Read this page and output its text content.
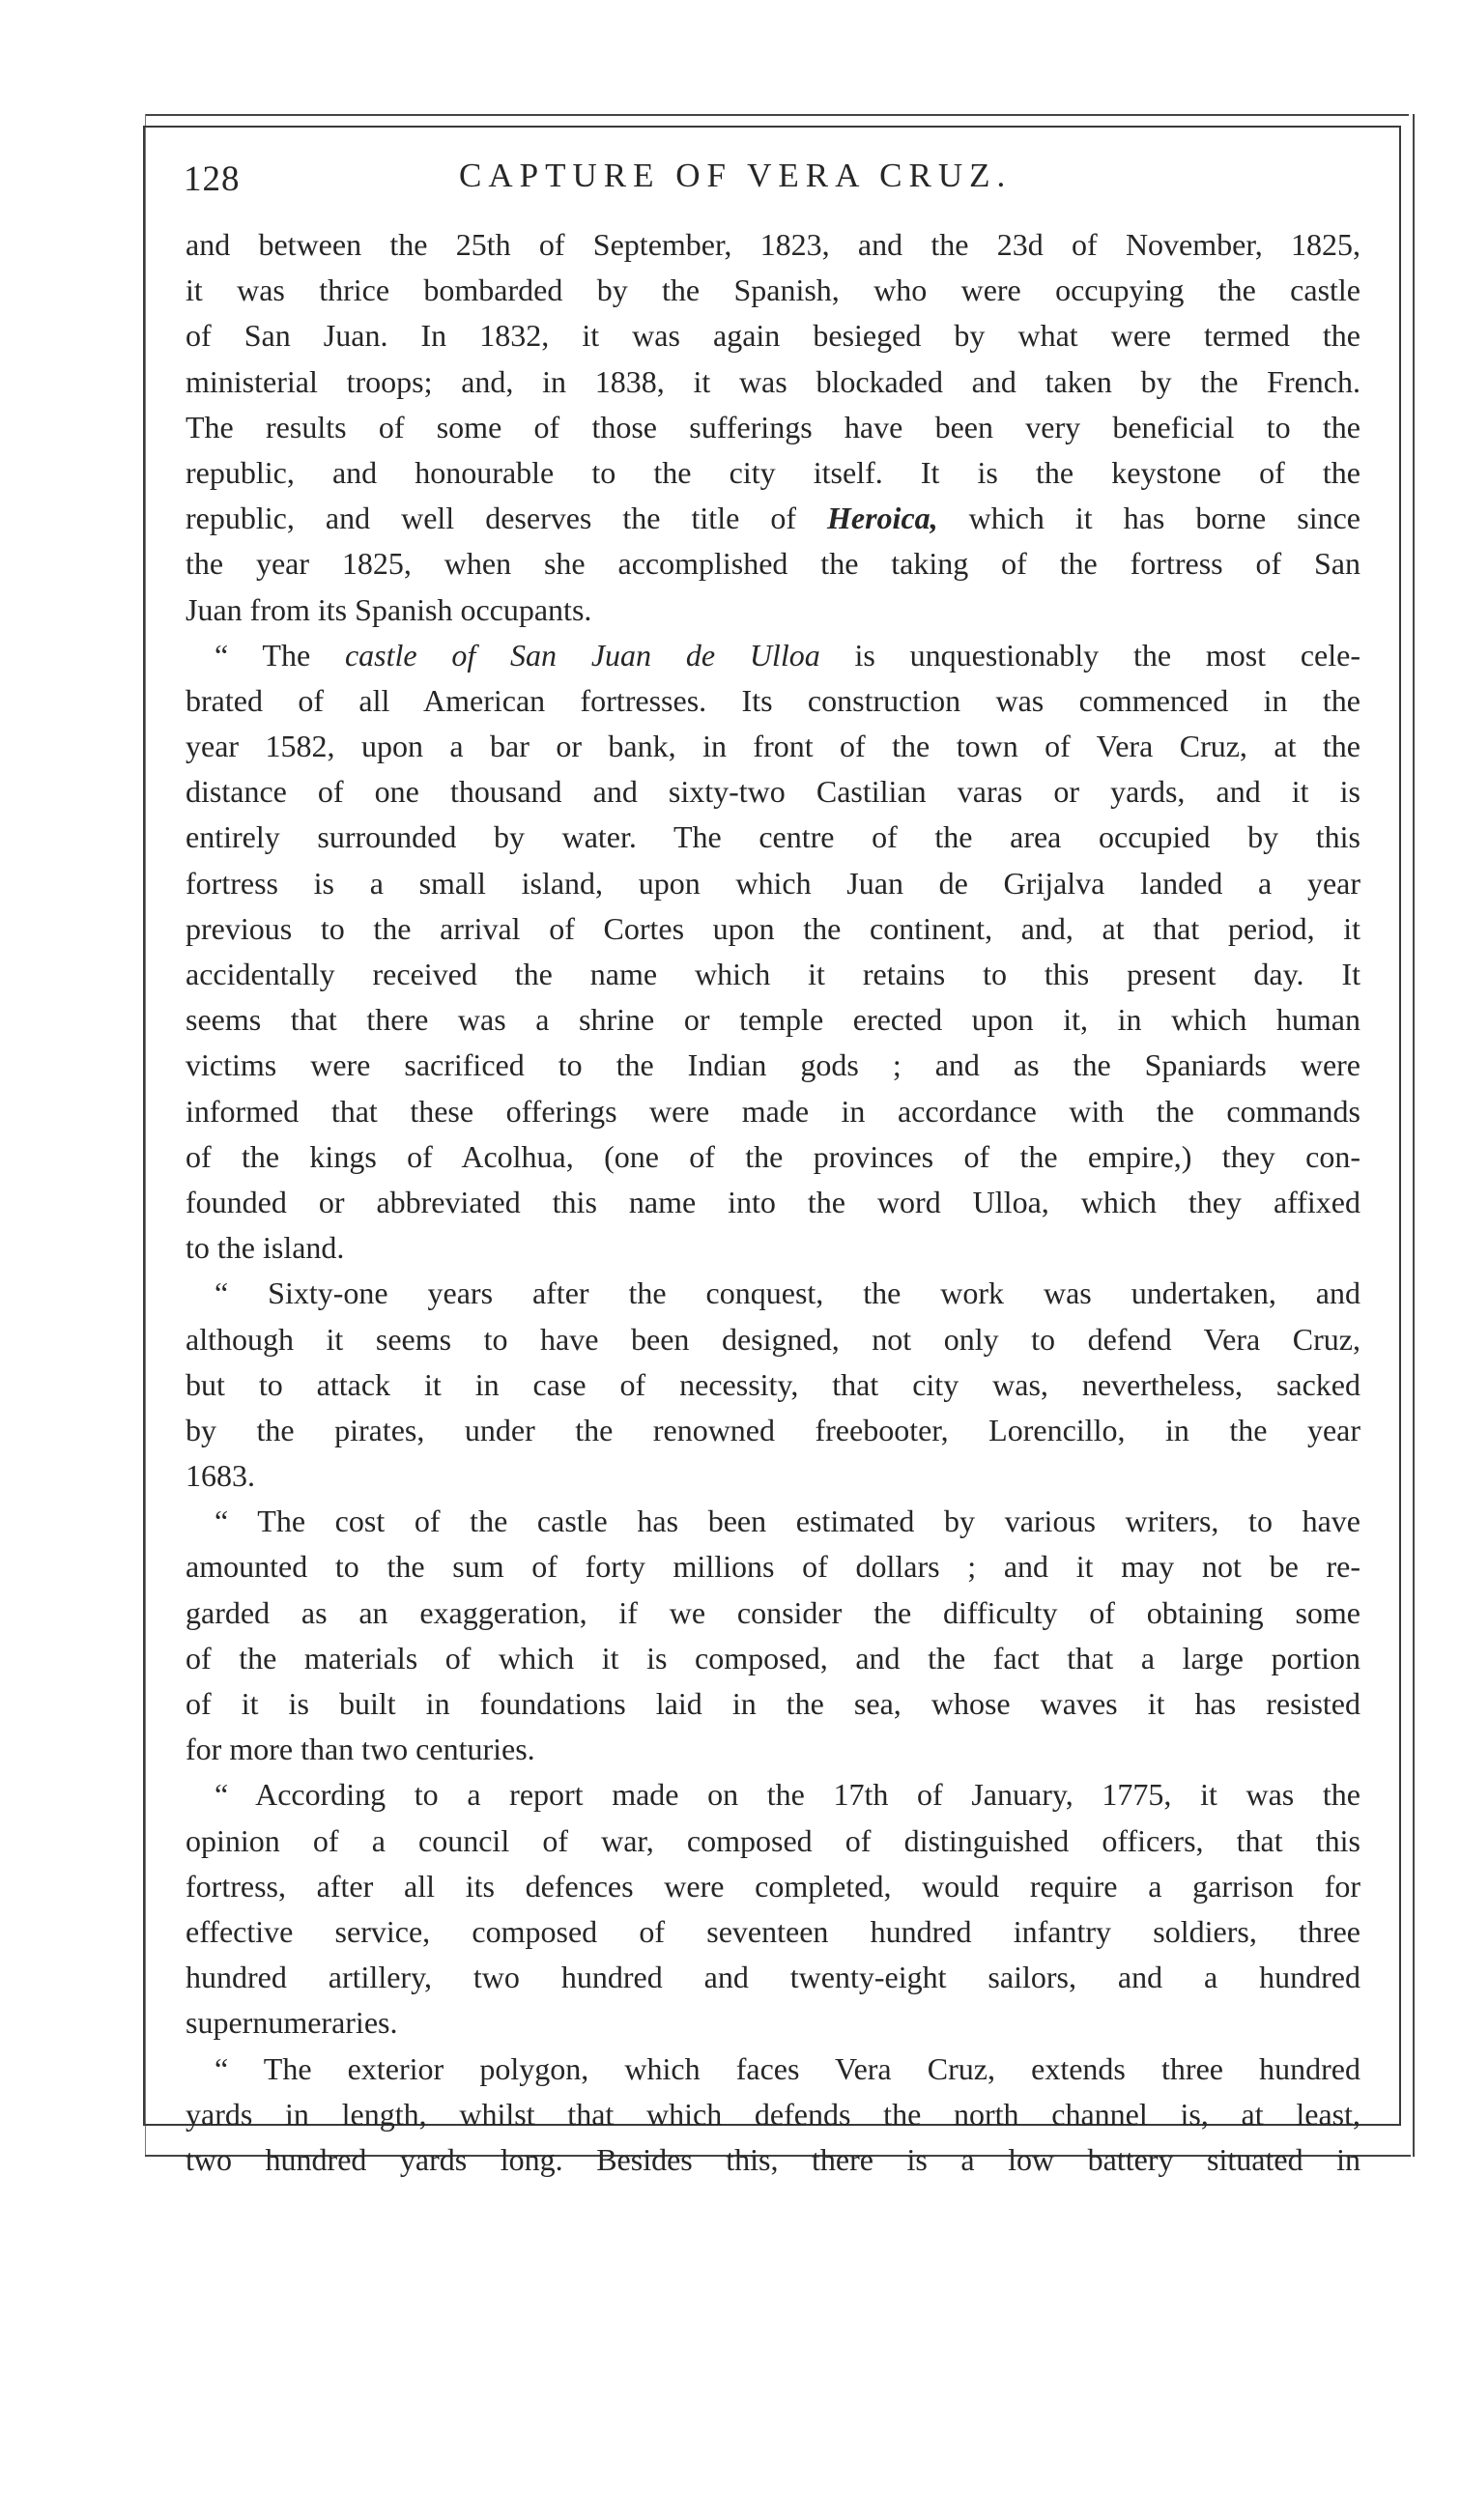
128	CAPTURE OF VERA CRUZ.
and between the 25th of September, 1823, and the 23d of November, 1825,
it was thrice bombarded by the Spanish, who were occupying the castle
of San Juan. In 1832, it was again besieged by what were termed the
ministerial troops; and, in 1838, it was blockaded and taken by the French.
The results of some of those sufferings have been very beneficial to the
republic, and honourable to the city itself. It is the keystone of the
republic, and well deserves the title of Heroica, which it has borne since
the year 1825, when she accomplished the taking of the fortress of San
Juan from its Spanish occupants.
“ The castle of San Juan de Ulloa is unquestionably the most cele-
brated of all American fortresses. Its construction was commenced in the
year 1582, upon a bar or bank, in front of the town of Vera Cruz, at the
distance of one thousand and sixty-two Castilian varas or yards, and it is
entirely surrounded by water. The centre of the area occupied by this
fortress is a small island, upon which Juan de Grijalva landed a year
previous to the arrival of Cortes upon the continent, and, at that period, it
accidentally received the name which it retains to this present day. It
seems that there was a shrine or temple erected upon it, in which human
victims were sacrificed to the Indian gods ; and as the Spaniards were
informed that these offerings were made in accordance with the commands
of the kings of Acolhua, (one of the provinces of the empire,) they con-
founded or abbreviated this name into the word Ulloa, which they affixed
to the island.
“ Sixty-one years after the conquest, the work was undertaken, and
although it seems to have been designed, not only to defend Vera Cruz,
but to attack it in case of necessity, that city was, nevertheless, sacked
by the pirates, under the renowned freebooter, Lorencillo, in the year
1683.
“ The cost of the castle has been estimated by various writers, to have
amounted to the sum of forty millions of dollars ; and it may not be re-
garded as an exaggeration, if we consider the difficulty of obtaining some
of the materials of which it is composed, and the fact that a large portion
of it is built in foundations laid in the sea, whose waves it has resisted
for more than two centuries.
“ According to a report made on the 17th of January, 1775, it was the
opinion of a council of war, composed of distinguished officers, that this
fortress, after all its defences were completed, would require a garrison for
effective service, composed of seventeen hundred infantry soldiers, three
hundred artillery, two hundred and twenty-eight sailors, and a hundred
supernumeraries.
“ The exterior polygon, which faces Vera Cruz, extends three hundred
yards in length, whilst that which defends the north channel is, at least,
two hundred yards long. Besides this, there is a low battery situated in
